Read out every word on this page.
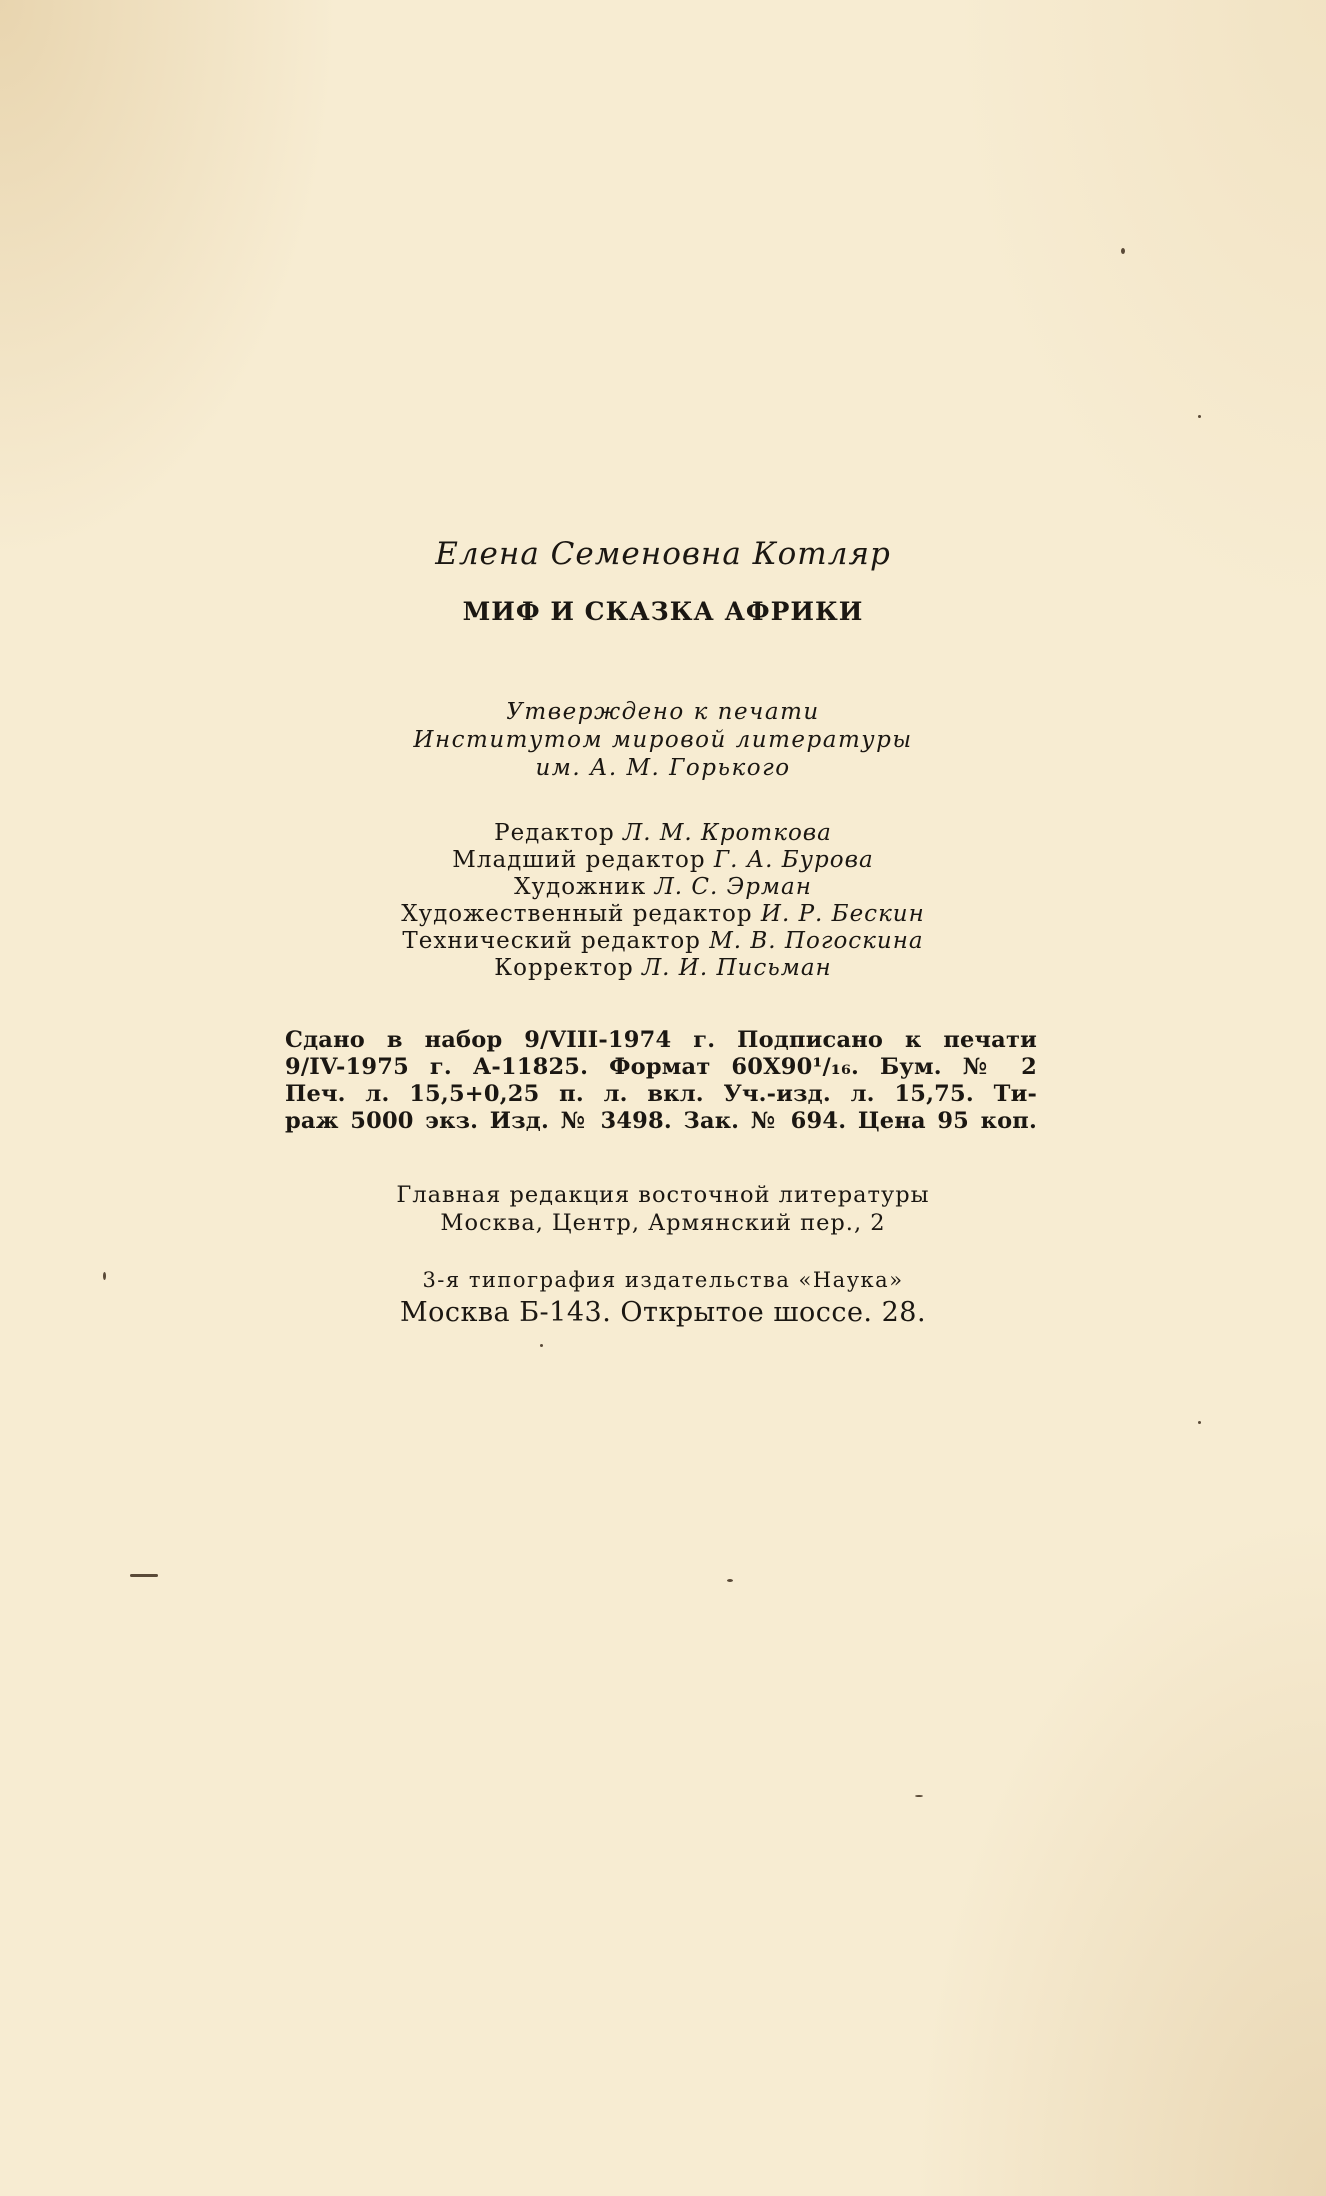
Елена Семеновна Котляр
МИФ И СКАЗКА АФРИКИ
Утверждено к печати
Институтом мировой литературы
им. А. М. Горького
Редактор Л. М. Кроткова
Младший редактор Г. А. Бурова
Художник Л. С. Эрман
Художественный редактор И. Р. Бескин
Технический редактор М. В. Погоскина
Корректор Л. И. Письман
Сдано в набор 9/VIII-1974 г. Подписано к печати
9/IV-1975 г. А-11825. Формат 60X90¹/₁₆. Бум. № 2
Печ. л. 15,5+0,25 п. л. вкл. Уч.-изд. л. 15,75. Ти-
раж 5000 экз. Изд. № 3498. Зак. № 694. Цена 95 коп.
Главная редакция восточной литературы
Москва, Центр, Армянский пер., 2
3-я типография издательства «Наука»
Москва Б-143. Открытое шоссе. 28.
